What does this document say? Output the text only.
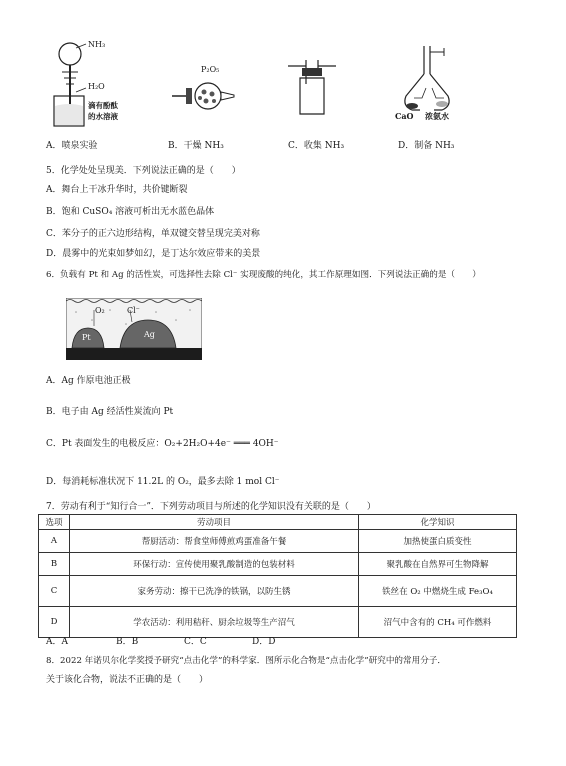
NH₃
H₂O
滴有酚酞
的水溶液
P₂O₅
CaO 浓氨水
A．喷泉实验	B．干燥 NH₃	C．收集 NH₃	D．制备 NH₃
5．化学处处呈现美．下列说法正确的是（　　）
A．舞台上干冰升华时，共价键断裂
B．饱和 CuSO₄ 溶液可析出无水蓝色晶体
C．苯分子的正六边形结构，单双键交替呈现完美对称
D．晨雾中的光束如梦如幻，是丁达尔效应带来的美景
6．负载有 Pt 和 Ag 的活性炭，可选择性去除 Cl⁻ 实现废酸的纯化，其工作原理如图．下列说法正确的是（　　）
O₂	Cl⁻
Pt	Ag
A．Ag 作原电池正极
B．电子由 Ag 经活性炭流向 Pt
C．Pt 表面发生的电极反应：O₂+2H₂O+4e⁻ ═══ 4OH⁻
D．每消耗标准状况下 11.2L 的 O₂，最多去除 1 mol Cl⁻
7．劳动有利于“知行合一”．下列劳动项目与所述的化学知识没有关联的是（　　）
选项	劳动项目	化学知识
A	帮厨活动：帮食堂师傅煎鸡蛋准备午餐	加热使蛋白质变性
B	环保行动：宣传使用聚乳酸制造的包装材料	聚乳酸在自然界可生物降解
C	家务劳动：擦干已洗净的铁锅，以防生锈	铁丝在 O₂ 中燃烧生成 Fe₃O₄
D	学农活动：利用秸秆、厨余垃圾等生产沼气	沼气中含有的 CH₄ 可作燃料
A．A	B．B	C．C	D．D
8．2022 年诺贝尔化学奖授予研究“点击化学”的科学家．图所示化合物是“点击化学”研究中的常用分子．
关于该化合物，说法不正确的是（　　）
